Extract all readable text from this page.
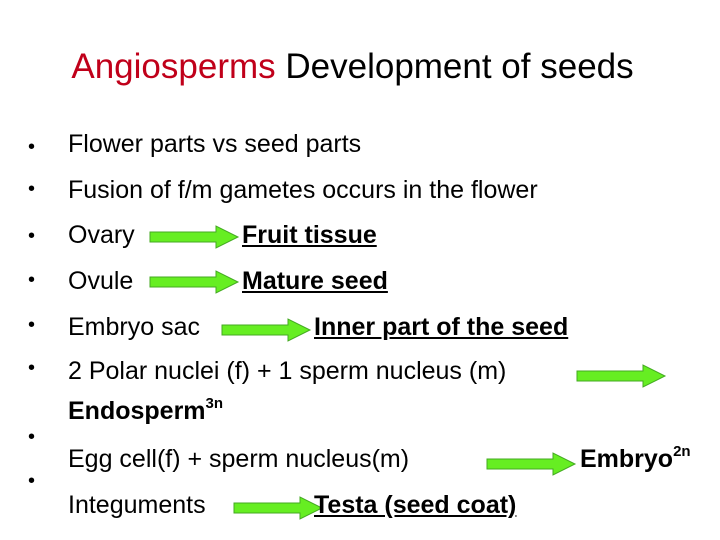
Angiosperms Development of seeds
•
•
•
•
•
•
•
•
Flower parts vs seed parts
Fusion of f/m gametes occurs in the flower
Ovary	Fruit tissue
Ovule	Mature seed
Embryo sac	Inner part of the seed
2 Polar nuclei (f) + 1 sperm nucleus (m)
Endosperm$^{3n}$
Egg cell(f) + sperm nucleus(m)	Embryo$^{2n}$
Integuments	Testa (seed coat)
